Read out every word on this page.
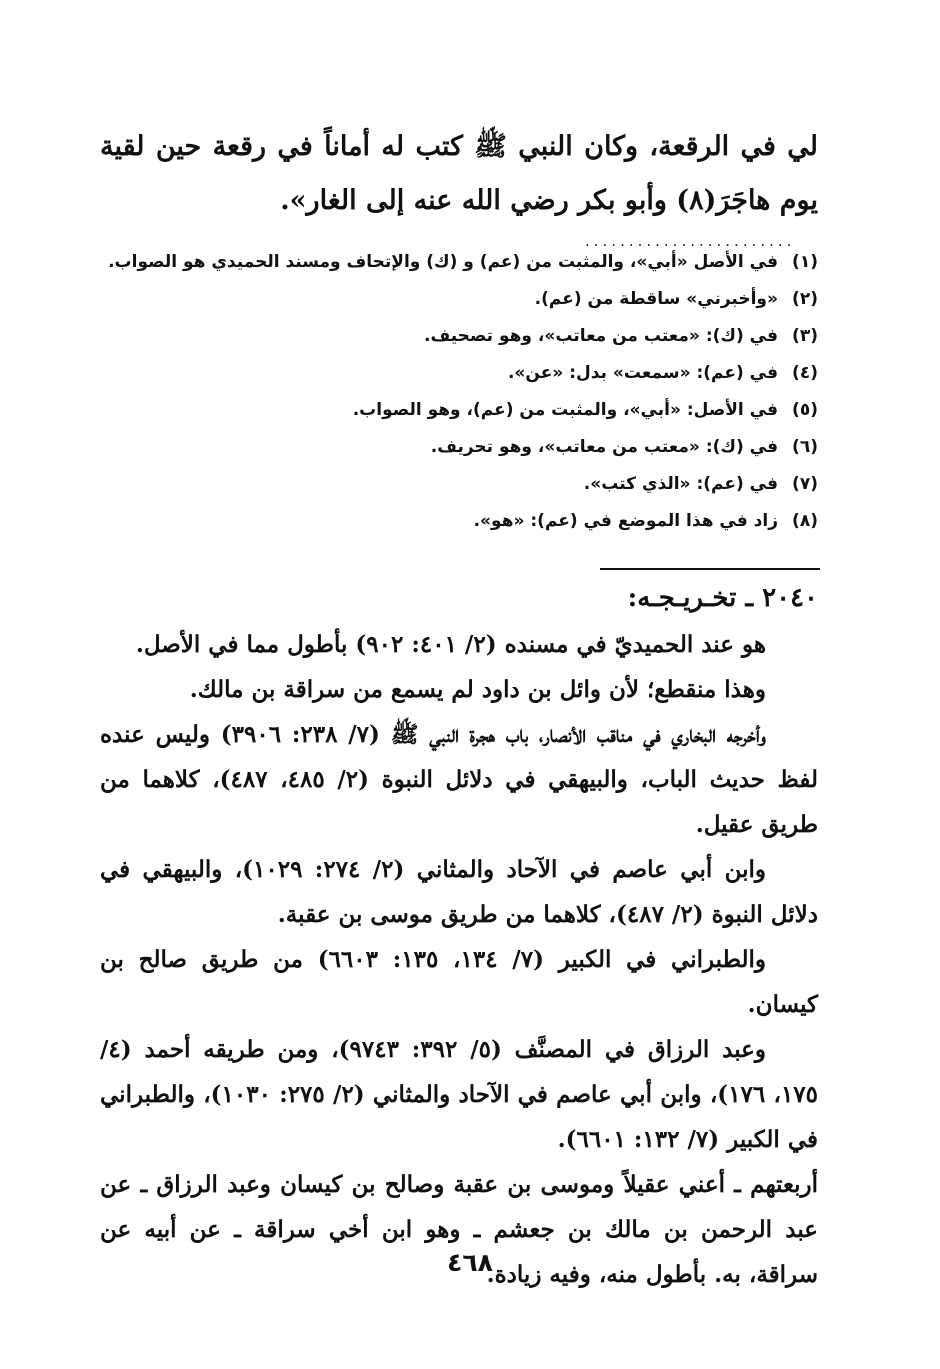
لي في الرقعة، وكان النبي ﷺ كتب له أماناً في رقعة حين لقية يوم هاجَرَ(٨) وأبو بكر رضي الله عنه إلى الغار».
........................
(١)
في الأصل «أبي»، والمثبت من (عم) و (ك) والإتحاف ومسند الحميدي هو الصواب.
(٢)
«وأخبرني» ساقطة من (عم).
(٣)
في (ك): «معتب من معاتب»، وهو تصحيف.
(٤)
في (عم): «سمعت» بدل: «عن».
(٥)
في الأصل: «أبي»، والمثبت من (عم)، وهو الصواب.
(٦)
في (ك): «معتب من معاتب»، وهو تحريف.
(٧)
في (عم): «الذي كتب».
(٨)
زاد في هذا الموضع في (عم): «هو».
٢٠٤٠ ـ تخـريـجـه:

هو عند الحميديّ في مسنده (٢/ ٤٠١: ٩٠٢) بأطول مما في الأصل.

وهذا منقطع؛ لأن وائل بن داود لم يسمع من سراقة بن مالك.

وأخرجه البخاري في مناقب الأنصار، باب هجرة النبي ﷺ (٧/ ٢٣٨: ٣٩٠٦) وليس عنده لفظ حديث الباب، والبيهقي في دلائل النبوة (٢/ ٤٨٥، ٤٨٧)، كلاهما من طريق عقيل.

وابن أبي عاصم في الآحاد والمثاني (٢/ ٢٧٤: ١٠٢٩)، والبيهقي في دلائل النبوة (٢/ ٤٨٧)، كلاهما من طريق موسى بن عقبة.

والطبراني في الكبير (٧/ ١٣٤، ١٣٥: ٦٦٠٣) من طريق صالح بن كيسان.

وعبد الرزاق في المصنَّف (٥/ ٣٩٢: ٩٧٤٣)، ومن طريقه أحمد (٤/ ١٧٥، ١٧٦)، وابن أبي عاصم في الآحاد والمثاني (٢/ ٢٧٥: ١٠٣٠)، والطبراني في الكبير (٧/ ١٣٢: ٦٦٠١).

أربعتهم ـ أعني عقيلاً وموسى بن عقبة وصالح بن كيسان وعبد الرزاق ـ عن عبد الرحمن بن مالك بن جعشم ـ وهو ابن أخي سراقة ـ عن أبيه عن سراقة، به. بأطول منه، وفيه زيادة.

٤٦٨
